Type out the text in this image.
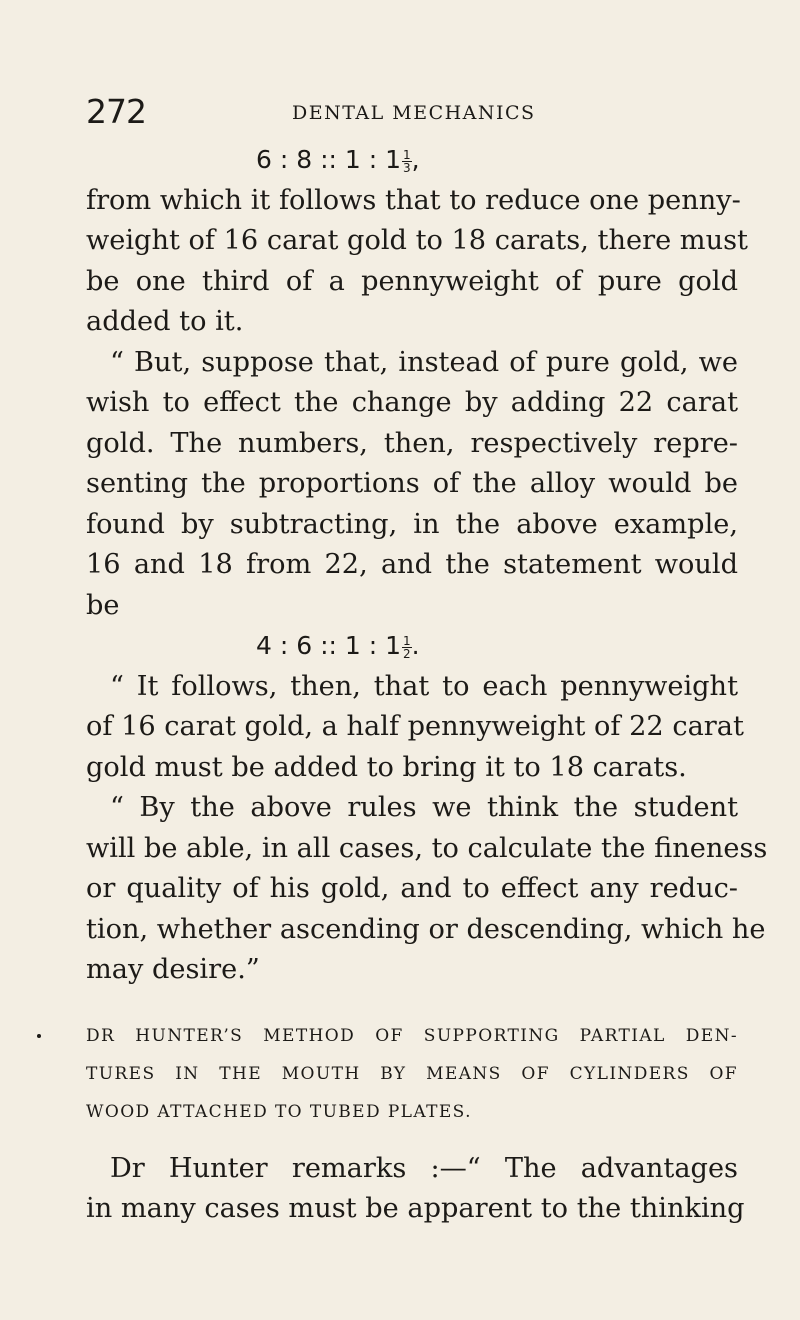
272	DENTAL MECHANICS
6 : 8 :: 1 : $1 \frac{1}{3}$ ,
from which it follows that to reduce one penny-
weight of 16 carat gold to 18 carats, there must
be one third of a pennyweight of pure gold
added to it.
“ But, suppose that, instead of pure gold, we
wish to effect the change by adding 22 carat
gold. The numbers, then, respectively repre-
senting the proportions of the alloy would be
found by subtracting, in the above example,
16 and 18 from 22, and the statement would
be
4 : 6 :: 1 : $1 \frac{1}{2}$ .
“ It follows, then, that to each pennyweight
of 16 carat gold, a half pennyweight of 22 carat
gold must be added to bring it to 18 carats.
“ By the above rules we think the student
will be able, in all cases, to calculate the fineness
or quality of his gold, and to effect any reduc-
tion, whether ascending or descending, which he
may desire.”
DR HUNTER’S METHOD OF SUPPORTING PARTIAL DEN-
TURES IN THE MOUTH BY MEANS OF CYLINDERS OF
WOOD ATTACHED TO TUBED PLATES.
Dr Hunter remarks :—“ The advantages
in many cases must be apparent to the thinking
